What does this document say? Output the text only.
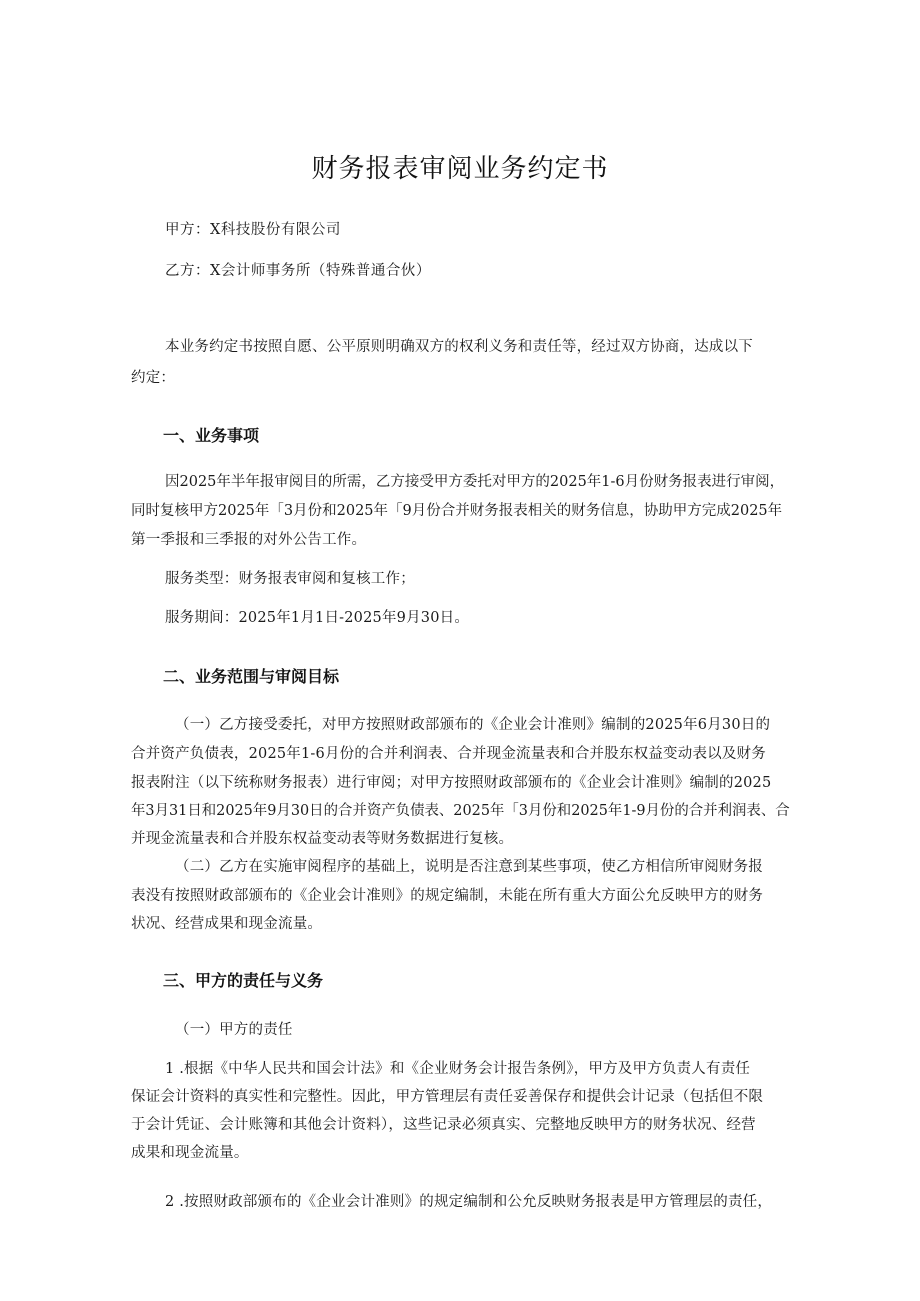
财务报表审阅业务约定书
甲方：X科技股份有限公司
乙方：X会计师事务所（特殊普通合伙）
本业务约定书按照自愿、公平原则明确双方的权利义务和责任等，经过双方协商，达成以下
约定：
一、业务事项
因2025年半年报审阅目的所需，乙方接受甲方委托对甲方的2025年1-6月份财务报表进行审阅，
同时复核甲方2025年「3月份和2025年「9月份合并财务报表相关的财务信息，协助甲方完成2025年
第一季报和三季报的对外公告工作。
服务类型：财务报表审阅和复核工作；
服务期间：2025年1月1日-2025年9月30日。
二、业务范围与审阅目标
（一）乙方接受委托，对甲方按照财政部颁布的《企业会计准则》编制的2025年6月30日的
合并资产负债表，2025年1-6月份的合并利润表、合并现金流量表和合并股东权益变动表以及财务
报表附注（以下统称财务报表）进行审阅；对甲方按照财政部颁布的《企业会计准则》编制的2025
年3月31日和2025年9月30日的合并资产负债表、2025年「3月份和2025年1-9月份的合并利润表、合
并现金流量表和合并股东权益变动表等财务数据进行复核。
（二）乙方在实施审阅程序的基础上，说明是否注意到某些事项，使乙方相信所审阅财务报
表没有按照财政部颁布的《企业会计准则》的规定编制，未能在所有重大方面公允反映甲方的财务
状况、经营成果和现金流量。
三、甲方的责任与义务
（一）甲方的责任
1 .根据《中华人民共和国会计法》和《企业财务会计报告条例》，甲方及甲方负责人有责任
保证会计资料的真实性和完整性。因此，甲方管理层有责任妥善保存和提供会计记录（包括但不限
于会计凭证、会计账簿和其他会计资料），这些记录必须真实、完整地反映甲方的财务状况、经营
成果和现金流量。
2 .按照财政部颁布的《企业会计准则》的规定编制和公允反映财务报表是甲方管理层的责任，
